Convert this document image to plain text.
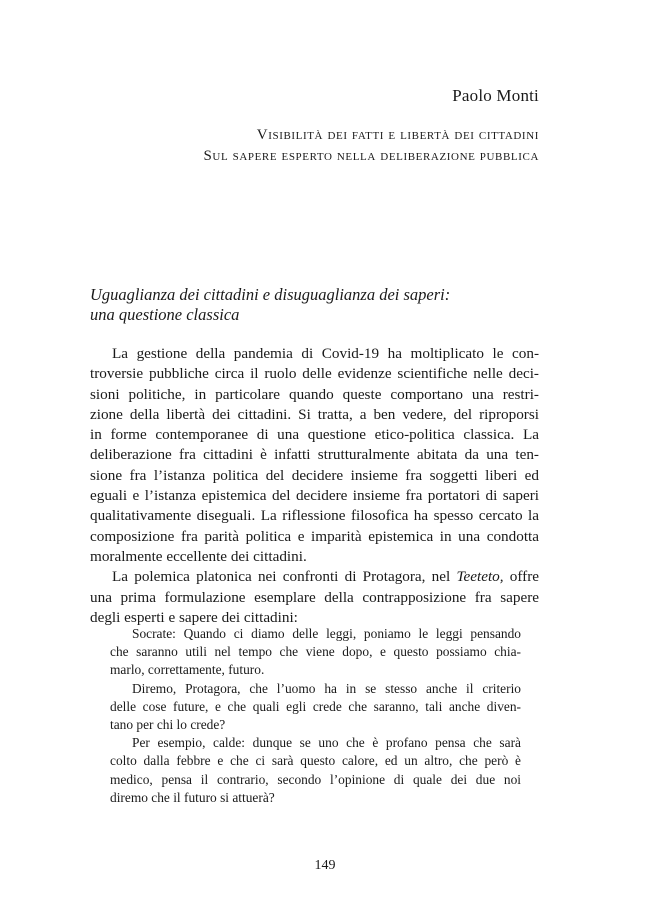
Paolo Monti
Visibilità dei fatti e libertà dei cittadini
Sul sapere esperto nella deliberazione pubblica
Uguaglianza dei cittadini e disuguaglianza dei saperi:
una questione classica
La gestione della pandemia di Covid-19 ha moltiplicato le con-
troversie pubbliche circa il ruolo delle evidenze scientifiche nelle deci-
sioni politiche, in particolare quando queste comportano una restri-
zione della libertà dei cittadini. Si tratta, a ben vedere, del riproporsi
in forme contemporanee di una questione etico-politica classica. La
deliberazione fra cittadini è infatti strutturalmente abitata da una ten-
sione fra l’istanza politica del decidere insieme fra soggetti liberi ed
eguali e l’istanza epistemica del decidere insieme fra portatori di saperi
qualitativamente diseguali. La riflessione filosofica ha spesso cercato la
composizione fra parità politica e imparità epistemica in una condotta
moralmente eccellente dei cittadini.
La polemica platonica nei confronti di Protagora, nel Teeteto, offre
una prima formulazione esemplare della contrapposizione fra sapere
degli esperti e sapere dei cittadini:
Socrate: Quando ci diamo delle leggi, poniamo le leggi pensando
che saranno utili nel tempo che viene dopo, e questo possiamo chia-
marlo, correttamente, futuro.
Diremo, Protagora, che l’uomo ha in se stesso anche il criterio
delle cose future, e che quali egli crede che saranno, tali anche diven-
tano per chi lo crede?
Per esempio, calde: dunque se uno che è profano pensa che sarà
colto dalla febbre e che ci sarà questo calore, ed un altro, che però è
medico, pensa il contrario, secondo l’opinione di quale dei due noi
diremo che il futuro si attuerà?
149
